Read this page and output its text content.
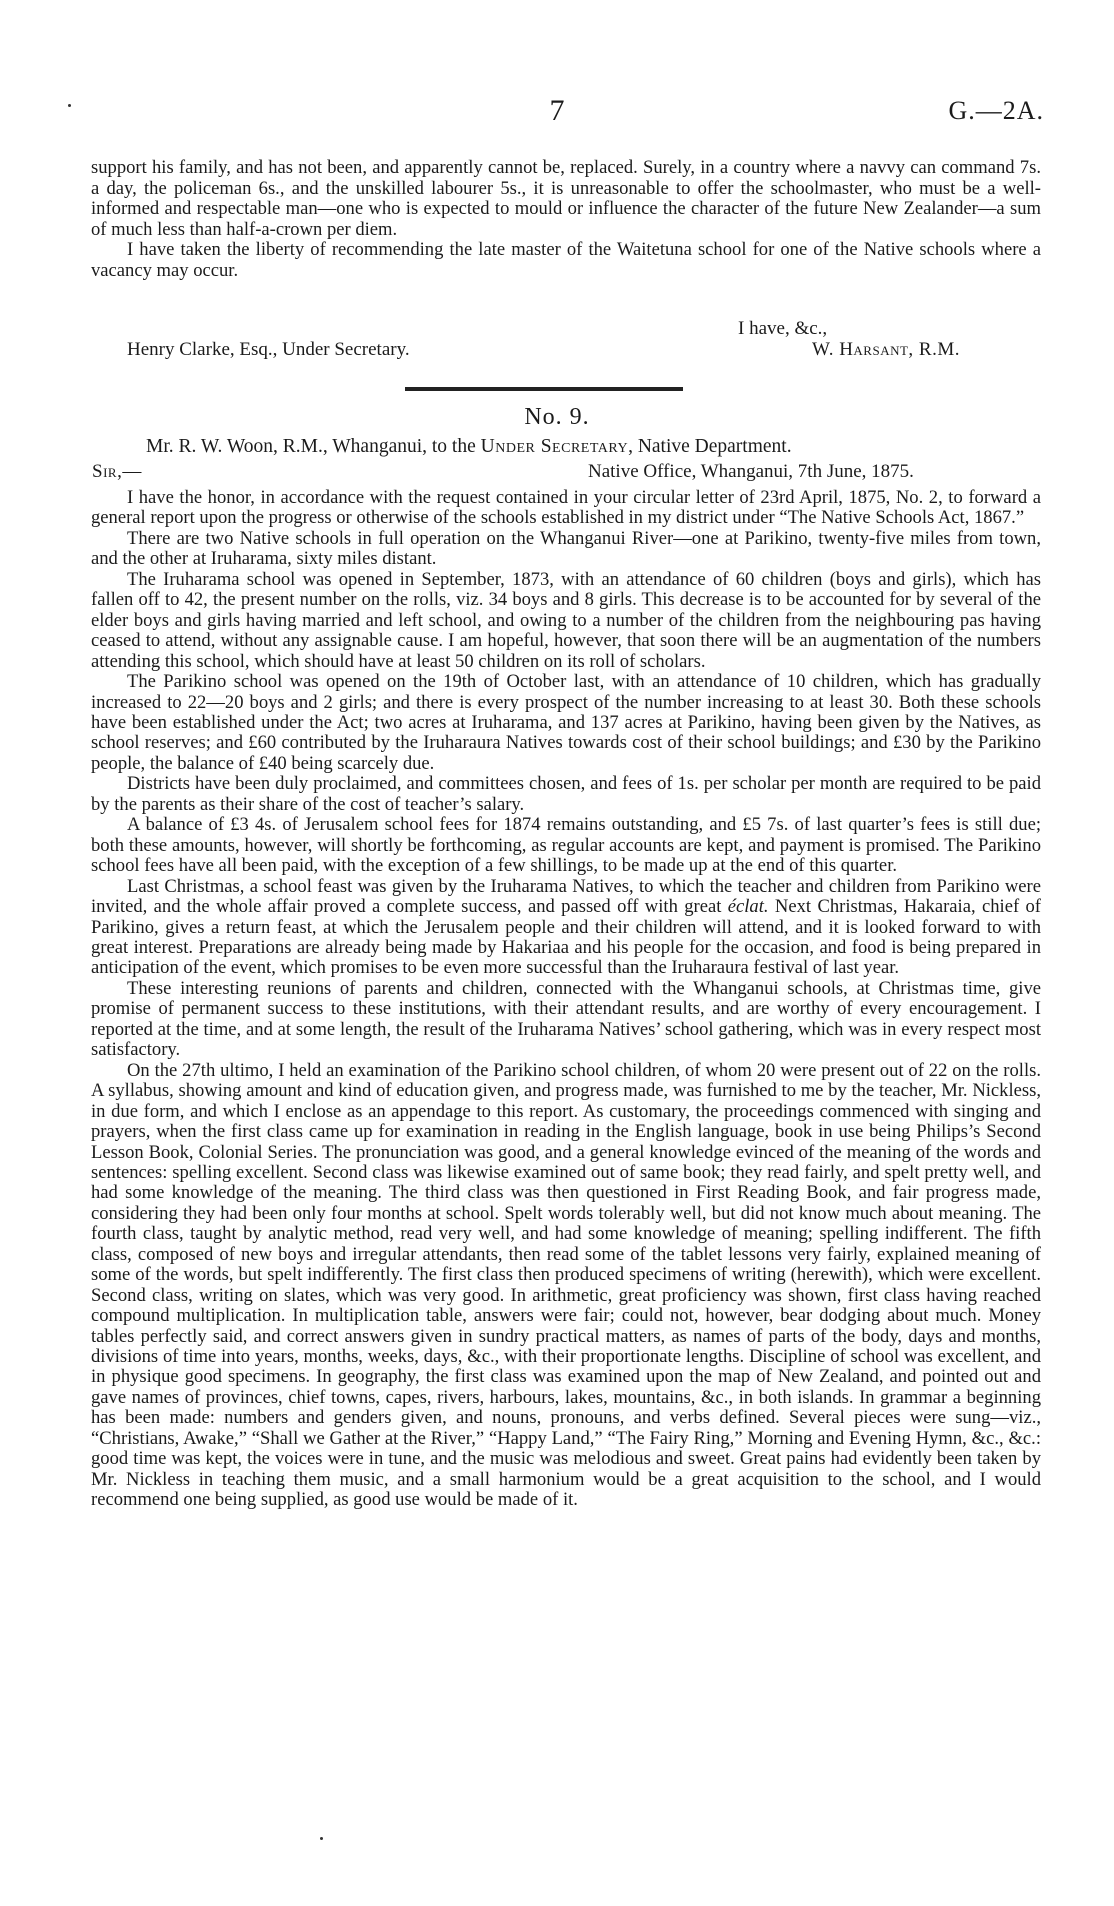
7	G.—2A.

support his family, and has not been, and apparently cannot be, replaced. Surely, in a country where a navvy can command 7s. a day, the policeman 6s., and the unskilled labourer 5s., it is unreasonable to offer the schoolmaster, who must be a well-informed and respectable man—one who is expected to mould or influence the character of the future New Zealander—a sum of much less than half-a-crown per diem.

I have taken the liberty of recommending the late master of the Waitetuna school for one of the Native schools where a vacancy may occur.

I have, &c.,
Henry Clarke, Esq., Under Secretary.	W. Harsant, R.M.
No. 9.
Mr. R. W. Woon, R.M., Whanganui, to the Under Secretary, Native Department.
Sir,—	Native Office, Whanganui, 7th June, 1875.

I have the honor, in accordance with the request contained in your circular letter of 23rd April, 1875, No. 2, to forward a general report upon the progress or otherwise of the schools established in my district under “The Native Schools Act, 1867.”

There are two Native schools in full operation on the Whanganui River—one at Parikino, twenty-five miles from town, and the other at Iruharama, sixty miles distant.

The Iruharama school was opened in September, 1873, with an attendance of 60 children (boys and girls), which has fallen off to 42, the present number on the rolls, viz. 34 boys and 8 girls. This decrease is to be accounted for by several of the elder boys and girls having married and left school, and owing to a number of the children from the neighbouring pas having ceased to attend, without any assignable cause. I am hopeful, however, that soon there will be an augmentation of the numbers attending this school, which should have at least 50 children on its roll of scholars.

The Parikino school was opened on the 19th of October last, with an attendance of 10 children, which has gradually increased to 22—20 boys and 2 girls; and there is every prospect of the number increasing to at least 30. Both these schools have been established under the Act; two acres at Iruharama, and 137 acres at Parikino, having been given by the Natives, as school reserves; and £60 contributed by the Iruharaura Natives towards cost of their school buildings; and £30 by the Parikino people, the balance of £40 being scarcely due.

Districts have been duly proclaimed, and committees chosen, and fees of 1s. per scholar per month are required to be paid by the parents as their share of the cost of teacher’s salary.

A balance of £3 4s. of Jerusalem school fees for 1874 remains outstanding, and £5 7s. of last quarter’s fees is still due; both these amounts, however, will shortly be forthcoming, as regular accounts are kept, and payment is promised. The Parikino school fees have all been paid, with the exception of a few shillings, to be made up at the end of this quarter.

Last Christmas, a school feast was given by the Iruharama Natives, to which the teacher and children from Parikino were invited, and the whole affair proved a complete success, and passed off with great éclat. Next Christmas, Hakaraia, chief of Parikino, gives a return feast, at which the Jerusalem people and their children will attend, and it is looked forward to with great interest. Preparations are already being made by Hakariaa and his people for the occasion, and food is being prepared in anticipation of the event, which promises to be even more successful than the Iruharaura festival of last year.

These interesting reunions of parents and children, connected with the Whanganui schools, at Christmas time, give promise of permanent success to these institutions, with their attendant results, and are worthy of every encouragement. I reported at the time, and at some length, the result of the Iruharama Natives’ school gathering, which was in every respect most satisfactory.

On the 27th ultimo, I held an examination of the Parikino school children, of whom 20 were present out of 22 on the rolls. A syllabus, showing amount and kind of education given, and progress made, was furnished to me by the teacher, Mr. Nickless, in due form, and which I enclose as an appendage to this report. As customary, the proceedings commenced with singing and prayers, when the first class came up for examination in reading in the English language, book in use being Philips’s Second Lesson Book, Colonial Series. The pronunciation was good, and a general knowledge evinced of the meaning of the words and sentences: spelling excellent. Second class was likewise examined out of same book; they read fairly, and spelt pretty well, and had some knowledge of the meaning. The third class was then questioned in First Reading Book, and fair progress made, considering they had been only four months at school. Spelt words tolerably well, but did not know much about meaning. The fourth class, taught by analytic method, read very well, and had some knowledge of meaning; spelling indifferent. The fifth class, composed of new boys and irregular attendants, then read some of the tablet lessons very fairly, explained meaning of some of the words, but spelt indifferently. The first class then produced specimens of writing (herewith), which were excellent. Second class, writing on slates, which was very good. In arithmetic, great proficiency was shown, first class having reached compound multiplication. In multiplication table, answers were fair; could not, however, bear dodging about much. Money tables perfectly said, and correct answers given in sundry practical matters, as names of parts of the body, days and months, divisions of time into years, months, weeks, days, &c., with their proportionate lengths. Discipline of school was excellent, and in physique good specimens. In geography, the first class was examined upon the map of New Zealand, and pointed out and gave names of provinces, chief towns, capes, rivers, harbours, lakes, mountains, &c., in both islands. In grammar a beginning has been made: numbers and genders given, and nouns, pronouns, and verbs defined. Several pieces were sung—viz., “Christians, Awake,” “Shall we Gather at the River,” “Happy Land,” “The Fairy Ring,” Morning and Evening Hymn, &c., &c.: good time was kept, the voices were in tune, and the music was melodious and sweet. Great pains had evidently been taken by Mr. Nickless in teaching them music, and a small harmonium would be a great acquisition to the school, and I would recommend one being supplied, as good use would be made of it.
